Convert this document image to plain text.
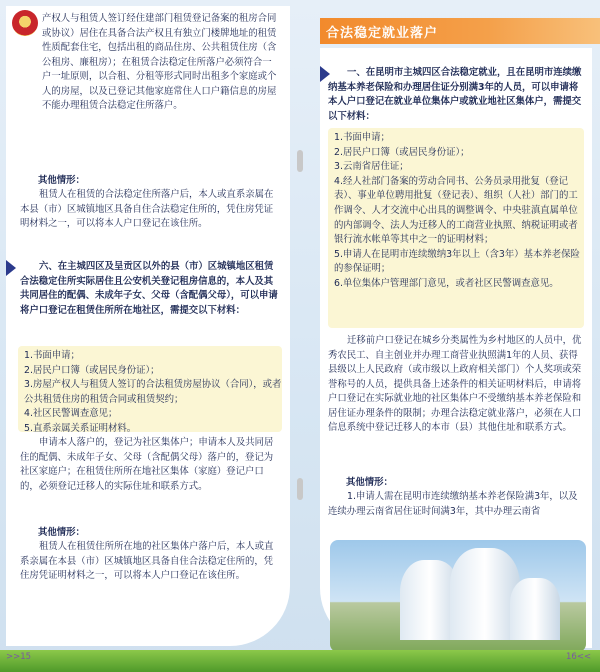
产权人与租赁人签订经住建部门租赁登记备案的租房合同或协议）居住在具备合法产权且有独立门楼牌地址的租赁性质配套住宅，包括出租的商品住房、公共租赁住房（含公租房、廉租房）；在租赁合法稳定住所落户必须符合一户一址原则，以合租、分租等形式同时出租多个家庭或个人的房屋，以及已登记其他家庭常住人口户籍信息的房屋不能办理租赁合法稳定住所落户。

其他情形：

租赁人在租赁的合法稳定住所落户后，本人或直系亲属在本县（市）区城镇地区具备自住合法稳定住所的，凭住房凭证明材料之一，可以将本人户口登记在该住所。

六、在主城四区及呈贡区以外的县（市）区城镇地区租赁合法稳定住所实际居住且公安机关登记租房信息的，本人及其共同居住的配偶、未成年子女、父母（含配偶父母），可以申请将户口登记在租赁住所所在地社区，需提交以下材料：

1.书面申请；

2.居民户口簿（或居民身份证）；

3.房屋产权人与租赁人签订的合法租赁房屋协议（合同），或者公共租赁住房的租赁合同或租赁契约；

4.社区民警调查意见；

5.直系亲属关系证明材料。

申请本人落户的，登记为社区集体户；申请本人及共同居住的配偶、未成年子女、父母（含配偶父母）落户的，登记为社区家庭户；在租赁住所所在地社区集体（家庭）登记户口的，必须登记迁移人的实际住址和联系方式。

其他情形：

租赁人在租赁住所所在地的社区集体户落户后，本人或直系亲属在本县（市）区城镇地区具备自住合法稳定住所的，凭住房凭证明材料之一，可以将本人户口登记在该住所。

合法稳定就业落户

一、在昆明市主城四区合法稳定就业，且在昆明市连续缴纳基本养老保险和办理居住证分别满3年的人员，可以申请将本人户口登记在就业单位集体户或就业地社区集体户，需提交以下材料：

1.书面申请；

2.居民户口簿（或居民身份证）；

3.云南省居住证；

4.经人社部门备案的劳动合同书、公务员录用批复（登记表）、事业单位聘用批复（登记表）、组织（人社）部门的工作调令、人才交流中心出具的调整调令、中央驻滇直属单位的内部调令、法人为迁移人的工商营业执照、纳税证明或者银行流水帐单等其中之一的证明材料；

5.申请人在昆明市连续缴纳3年以上（含3年）基本养老保险的参保证明；

6.单位集体户管理部门意见，或者社区民警调查意见。

迁移前户口登记在城乡分类属性为乡村地区的人员中，优秀农民工、自主创业并办理工商营业执照满1年的人员、获得县级以上人民政府（或市级以上政府相关部门）个人奖项或荣誉称号的人员，提供具备上述条件的相关证明材料后，申请将户口登记在实际就业地的社区集体户不受缴纳基本养老保险和居住证办理条件的限制；办理合法稳定就业落户，必须在人口信息系统中登记迁移人的本市（县）其他住址和联系方式。

其他情形：

1.申请人需在昆明市连续缴纳基本养老保险满3年，以及连续办理云南省居住证时间满3年，其中办理云南省

>>15	16<<
